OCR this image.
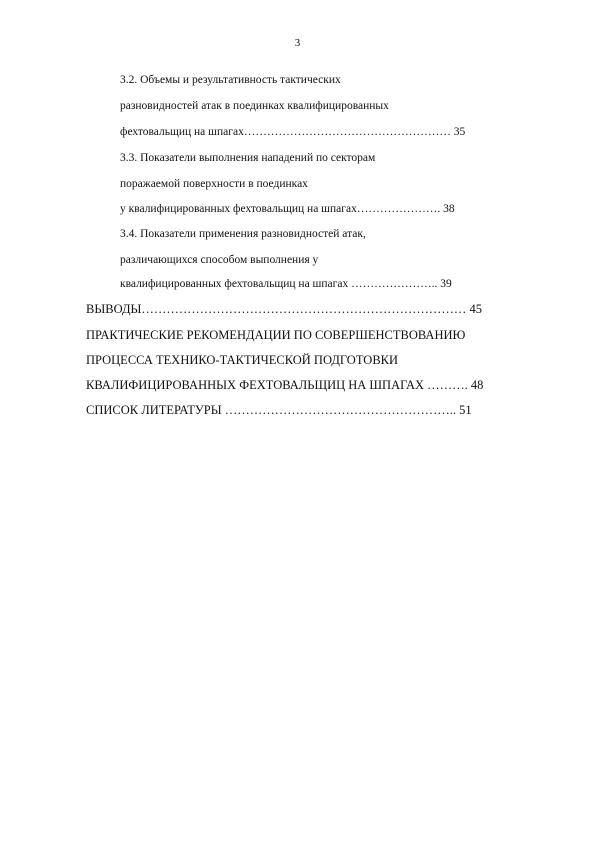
3
3.2. Объемы и результативность тактических
разновидностей атак в поединках квалифицированных
фехтовальщиц на шпагах……………………………………………… 35
3.3. Показатели выполнения нападений по секторам
поражаемой поверхности в поединках
у квалифицированных фехтовальщиц на шпагах…………………. 38
3.4. Показатели применения разновидностей атак,
различающихся способом выполнения у
квалифицированных фехтовальщиц на шпагах ………………….. 39
ВЫВОДЫ…………………………………………………………………… 45
ПРАКТИЧЕСКИЕ РЕКОМЕНДАЦИИ ПО СОВЕРШЕНСТВОВАНИЮ
ПРОЦЕССА ТЕХНИКО-ТАКТИЧЕСКОЙ ПОДГОТОВКИ
КВАЛИФИЦИРОВАННЫХ ФЕХТОВАЛЬЩИЦ НА ШПАГАХ ………. 48
СПИСОК ЛИТЕРАТУРЫ ……………………………………………….. 51
